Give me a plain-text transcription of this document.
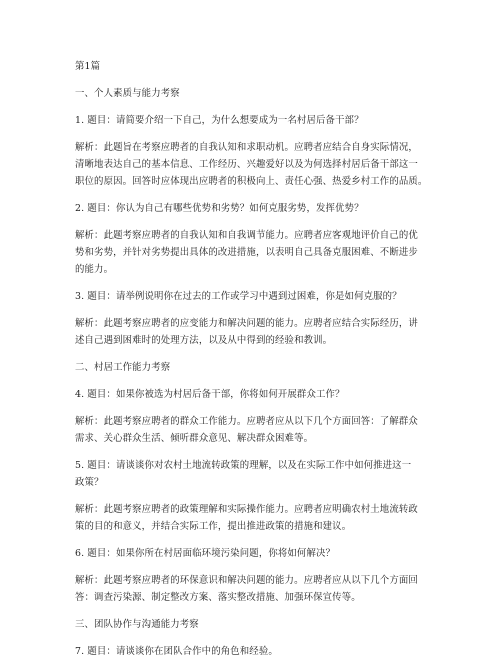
第1篇

一、个人素质与能力考察

1. 题目：请简要介绍一下自己，为什么想要成为一名村居后备干部？

解析：此题旨在考察应聘者的自我认知和求职动机。应聘者应结合自身实际情况，

清晰地表达自己的基本信息、工作经历、兴趣爱好以及为何选择村居后备干部这一

职位的原因。回答时应体现出应聘者的积极向上、责任心强、热爱乡村工作的品质。

2. 题目：你认为自己有哪些优势和劣势？如何克服劣势，发挥优势？

解析：此题考察应聘者的自我认知和自我调节能力。应聘者应客观地评价自己的优

势和劣势，并针对劣势提出具体的改进措施，以表明自己具备克服困难、不断进步

的能力。

3. 题目：请举例说明你在过去的工作或学习中遇到过困难，你是如何克服的？

解析：此题考察应聘者的应变能力和解决问题的能力。应聘者应结合实际经历，讲

述自己遇到困难时的处理方法，以及从中得到的经验和教训。

二、村居工作能力考察

4. 题目：如果你被选为村居后备干部，你将如何开展群众工作？

解析：此题考察应聘者的群众工作能力。应聘者应从以下几个方面回答：了解群众

需求、关心群众生活、倾听群众意见、解决群众困难等。

5. 题目：请谈谈你对农村土地流转政策的理解，以及在实际工作中如何推进这一

政策？

解析：此题考察应聘者的政策理解和实际操作能力。应聘者应明确农村土地流转政

策的目的和意义，并结合实际工作，提出推进政策的措施和建议。

6. 题目：如果你所在村居面临环境污染问题，你将如何解决？

解析：此题考察应聘者的环保意识和解决问题的能力。应聘者应从以下几个方面回

答：调查污染源、制定整改方案、落实整改措施、加强环保宣传等。

三、团队协作与沟通能力考察

7. 题目：请谈谈你在团队合作中的角色和经验。
